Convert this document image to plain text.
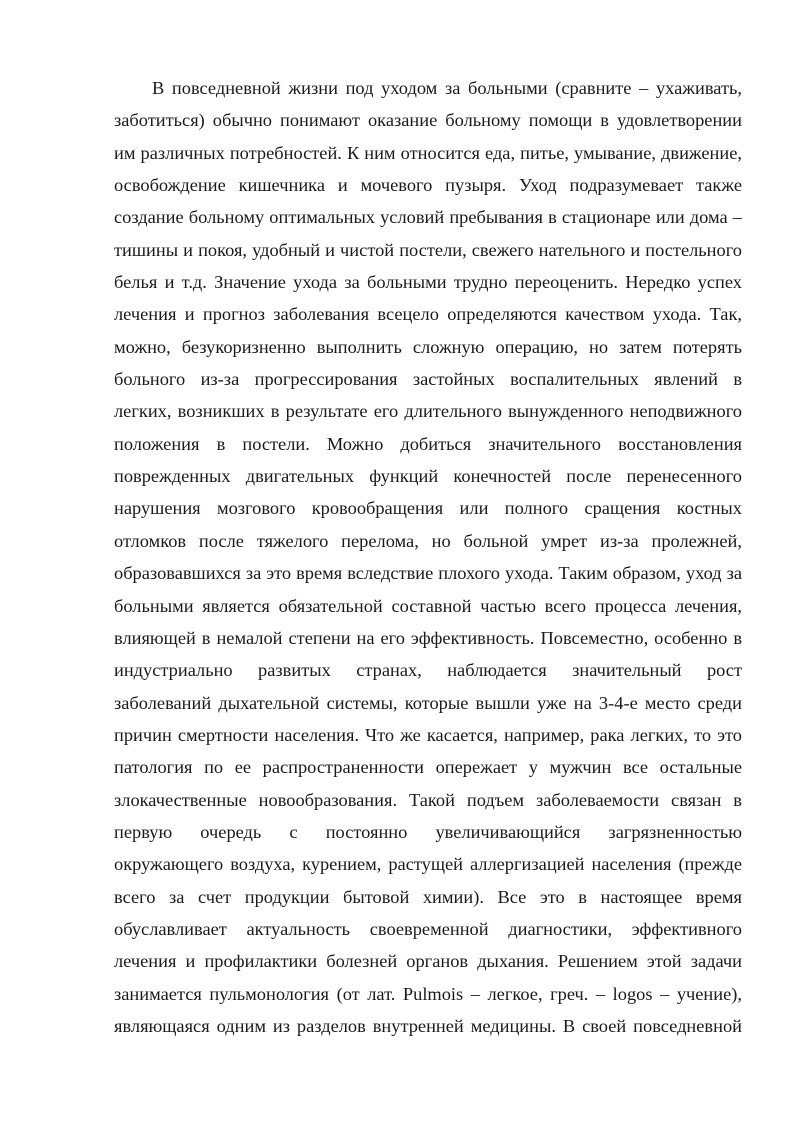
В повседневной жизни под уходом за больными (сравните – ухаживать,
заботиться) обычно понимают оказание больному помощи в удовлетворении
им различных потребностей. К ним относится еда, питье, умывание, движение,
освобождение кишечника и мочевого пузыря. Уход подразумевает также
создание больному оптимальных условий пребывания в стационаре или дома –
тишины и покоя, удобный и чистой постели, свежего нательного и постельного
белья и т.д. Значение ухода за больными трудно переоценить. Нередко успех
лечения и прогноз заболевания всецело определяются качеством ухода. Так,
можно, безукоризненно выполнить сложную операцию, но затем потерять
больного из-за прогрессирования застойных воспалительных явлений в
легких, возникших в результате его длительного вынужденного неподвижного
положения в постели. Можно добиться значительного восстановления
поврежденных двигательных функций конечностей после перенесенного
нарушения мозгового кровообращения или полного сращения костных
отломков после тяжелого перелома, но больной умрет из-за пролежней,
образовавшихся за это время вследствие плохого ухода. Таким образом, уход за
больными является обязательной составной частью всего процесса лечения,
влияющей в немалой степени на его эффективность. Повсеместно, особенно в
индустриально развитых странах, наблюдается значительный рост
заболеваний дыхательной системы, которые вышли уже на 3-4-е место среди
причин смертности населения. Что же касается, например, рака легких, то это
патология по ее распространенности опережает у мужчин все остальные
злокачественные новообразования. Такой подъем заболеваемости связан в
первую очередь с постоянно увеличивающийся загрязненностью
окружающего воздуха, курением, растущей аллергизацией населения (прежде
всего за счет продукции бытовой химии). Все это в настоящее время
обуславливает актуальность своевременной диагностики, эффективного
лечения и профилактики болезней органов дыхания. Решением этой задачи
занимается пульмонология (от лат. Pulmois – легкое, греч. – logos – учение),
являющаяся одним из разделов внутренней медицины. В своей повседневной
